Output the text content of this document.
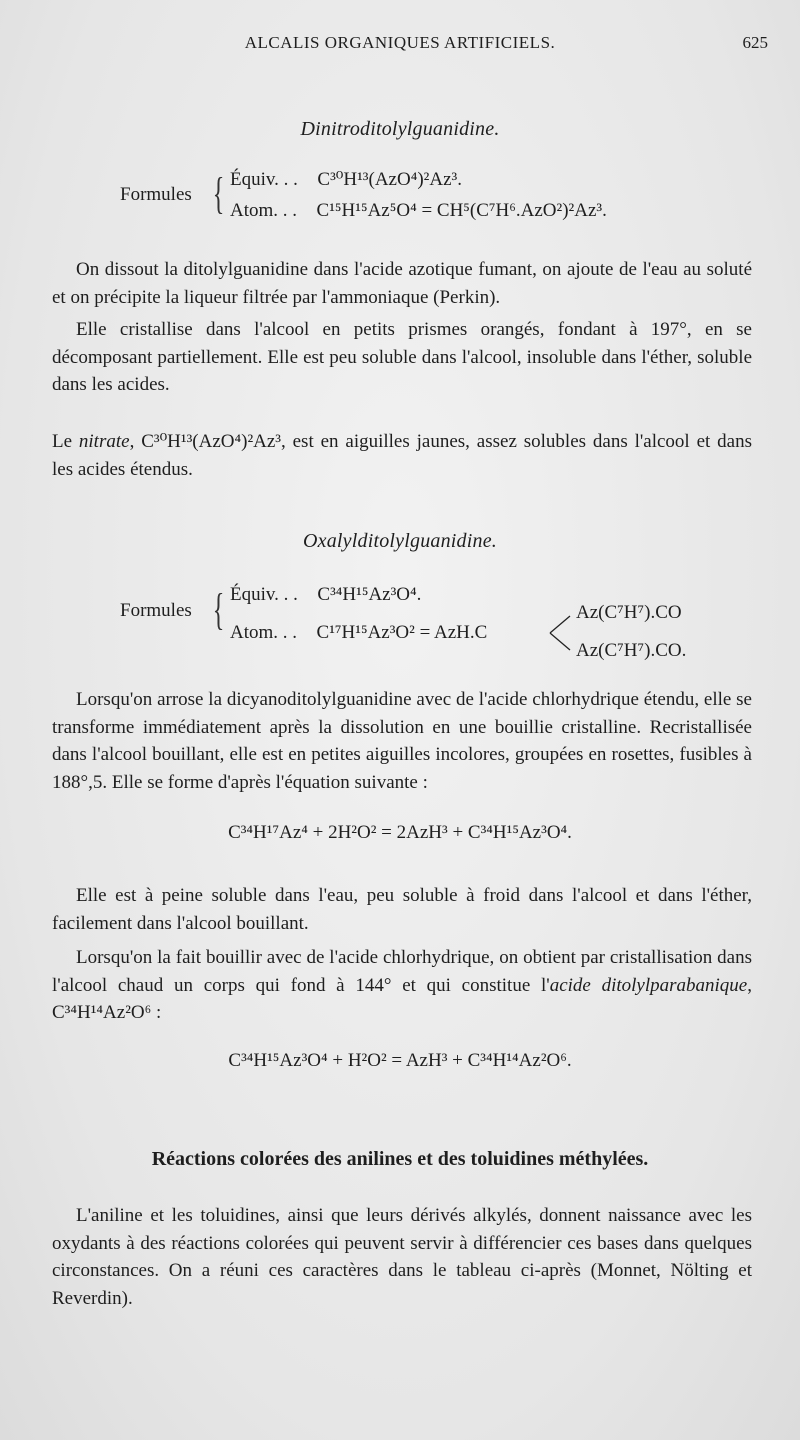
ALCALIS ORGANIQUES ARTIFICIELS.	625
Dinitroditolylguanidine.
Formules { Équiv. . . C³⁰H¹³(AzO⁴)²Az³.
Atom. . . C¹⁵H¹⁵Az⁵O⁴ = CH⁵(C⁷H⁶.AzO²)²Az³.

On dissout la ditolylguanidine dans l'acide azotique fumant, on ajoute de l'eau au soluté et on précipite la liqueur filtrée par l'ammoniaque (Perkin).

Elle cristallise dans l'alcool en petits prismes orangés, fondant à 197°, en se décomposant partiellement. Elle est peu soluble dans l'alcool, insoluble dans l'éther, soluble dans les acides.

Le nitrate, C³⁰H¹³(AzO⁴)²Az³, est en aiguilles jaunes, assez solubles dans l'alcool et dans les acides étendus.

Oxalylditolylguanidine.
Formules { Équiv. . . C³⁴H¹⁵Az³O⁴.
Atom. . . C¹⁷H¹⁵Az³O² = AzH.C
Az(C⁷H⁷).CO
Az(C⁷H⁷).CO.

Lorsqu'on arrose la dicyanoditolylguanidine avec de l'acide chlorhydrique étendu, elle se transforme immédiatement après la dissolution en une bouillie cristalline. Recristallisée dans l'alcool bouillant, elle est en petites aiguilles incolores, groupées en rosettes, fusibles à 188°,5. Elle se forme d'après l'équation suivante :

C³⁴H¹⁷Az⁴ + 2H²O² = 2AzH³ + C³⁴H¹⁵Az³O⁴.

Elle est à peine soluble dans l'eau, peu soluble à froid dans l'alcool et dans l'éther, facilement dans l'alcool bouillant.

Lorsqu'on la fait bouillir avec de l'acide chlorhydrique, on obtient par cristallisation dans l'alcool chaud un corps qui fond à 144° et qui constitue l'acide ditolylparabanique, C³⁴H¹⁴Az²O⁶ :

C³⁴H¹⁵Az³O⁴ + H²O² = AzH³ + C³⁴H¹⁴Az²O⁶.
Réactions colorées des anilines et des toluidines méthylées.

L'aniline et les toluidines, ainsi que leurs dérivés alkylés, donnent naissance avec les oxydants à des réactions colorées qui peuvent servir à différencier ces bases dans quelques circonstances. On a réuni ces caractères dans le tableau ci-après (Monnet, Nölting et Reverdin).
